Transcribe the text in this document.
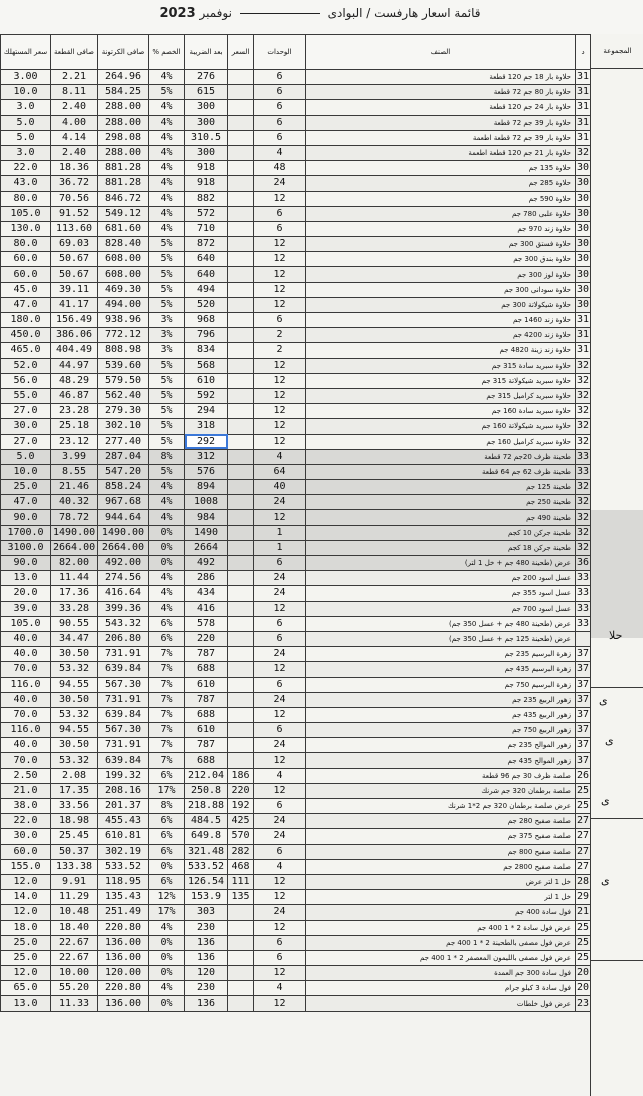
قائمة اسعار هارفست / البوادى  نوفمبر 2023
سعر المستهلك	صافى القطعة	صافى الكرتونة	الخصم %	بعد الضريبة	السعر	الوحدات	الصنف	د
3.00	2.21	264.96	4%	276		6	حلاوة بار 18 جم 120 قطعة	31
10.0	8.11	584.25	5%	615		6	حلاوة بار 80 جم 72 قطعة	31
3.0	2.40	288.00	4%	300		6	حلاوة بار 24 جم 120 قطعة	31
5.0	4.00	288.00	4%	300		6	حلاوة بار 39 جم 72 قطعة	31
5.0	4.14	298.08	4%	310.5		6	حلاوة بار 39 جم 72 قطعة اطعمة	31
3.0	2.40	288.00	4%	300		4	حلاوة بار 21 جم 120 قطعة اطعمة	32
22.0	18.36	881.28	4%	918		48	حلاوة 135 جم	30
43.0	36.72	881.28	4%	918		24	حلاوة 285 جم	30
80.0	70.56	846.72	4%	882		12	حلاوة 590 جم	30
105.0	91.52	549.12	4%	572		6	حلاوة علبى 780 جم	30
130.0	113.60	681.60	4%	710		6	حلاوة زند 970 جم	30
80.0	69.03	828.40	5%	872		12	حلاوة فستق 300 جم	30
60.0	50.67	608.00	5%	640		12	حلاوة بندق 300 جم	30
60.0	50.67	608.00	5%	640		12	حلاوة لوز 300 جم	30
45.0	39.11	469.30	5%	494		12	حلاوة سودانى 300 جم	30
47.0	41.17	494.00	5%	520		12	حلاوة شيكولاتة 300 جم	30
180.0	156.49	938.96	3%	968		6	حلاوة زند 1460 جم	31
450.0	386.06	772.12	3%	796		2	حلاوة زند 4200 جم	31
465.0	404.49	808.98	3%	834		2	حلاوة زند زينة 4820 جم	31
52.0	44.97	539.60	5%	568		12	حلاوة سبريد سادة 315 جم	32
56.0	48.29	579.50	5%	610		12	حلاوة سبريد شيكولاتة 315 جم	32
55.0	46.87	562.40	5%	592		12	حلاوة سبريد كراميل 315 جم	32
27.0	23.28	279.30	5%	294		12	حلاوة سبريد سادة 160 جم	32
30.0	25.18	302.10	5%	318		12	حلاوة سبريد شيكولاتة 160 جم	32
27.0	23.12	277.40	5%	292		12	حلاوة سبريد كراميل 160 جم	32
5.0	3.99	287.04	8%	312		4	طحينة ظرف 20جم 72 قطعة	33
10.0	8.55	547.20	5%	576		64	طحينة ظرف 62 جم 64 قطعة	33
25.0	21.46	858.24	4%	894		40	طحينة 125 جم	32
47.0	40.32	967.68	4%	1008		24	طحينة 250 جم	32
90.0	78.72	944.64	4%	984		12	طحينة 490 جم	32
1700.0	1490.00	1490.00	0%	1490		1	طحينة جركن 10 كجم	32
3100.0	2664.00	2664.00	0%	2664		1	طحينة جركن 18 كجم	32
90.0	82.00	492.00	0%	492		6	عرض (طحينة 480 جم + خل 1 لتر)	36
13.0	11.44	274.56	4%	286		24	عسل اسود 200 جم	33
20.0	17.36	416.64	4%	434		24	عسل اسود 355 جم	33
39.0	33.28	399.36	4%	416		12	عسل اسود 700 جم	33
105.0	90.55	543.32	6%	578		6	عرض (طحينة 480 جم + عسل 350 جم)	33
40.0	34.47	206.80	6%	220		6	عرض (طحينة 125 جم + عسل 350 جم)	
40.0	30.50	731.91	7%	787		24	زهرة البرسيم 235 جم	37
70.0	53.32	639.84	7%	688		12	زهرة البرسيم 435 جم	37
116.0	94.55	567.30	7%	610		6	زهرة البرسيم 750 جم	37
40.0	30.50	731.91	7%	787		24	زهور الربيع 235 جم	37
70.0	53.32	639.84	7%	688		12	زهور الربيع 435 جم	37
116.0	94.55	567.30	7%	610		6	زهور الربيع 750 جم	37
40.0	30.50	731.91	7%	787		24	زهور الموالح 235 جم	37
70.0	53.32	639.84	7%	688		12	زهور الموالح 435 جم	37
2.50	2.08	199.32	6%	212.04	186	4	صلصة ظرف 30 جم 96 قطعة	26
21.0	17.35	208.16	17%	250.8	220	12	صلصة برطمان 320 جم شرنك	25
38.0	33.56	201.37	8%	218.88	192	6	عرض صلصة برطمان 320 جم 2*1 شرنك	25
22.0	18.98	455.43	6%	484.5	425	24	صلصة صفيح 280 جم	27
30.0	25.45	610.81	6%	649.8	570	24	صلصة صفيح 375 جم	27
60.0	50.37	302.19	6%	321.48	282	6	صلصة صفيح 800 جم	27
155.0	133.38	533.52	0%	533.52	468	4	صلصة صفيح 2800 جم	27
12.0	9.91	118.95	6%	126.54	111	12	خل 1 لتر عرض	28
14.0	11.29	135.43	12%	153.9	135	12	خل 1 لتر	29
12.0	10.48	251.49	17%	303		24	فول سادة 400 جم	21
18.0	18.40	220.80	4%	230		12	عرض فول سادة 2 * 1 400 جم	25
25.0	22.67	136.00	0%	136		6	عرض فول مصفى بالطحينة 2 * 1 400 جم	25
25.0	22.67	136.00	0%	136		6	عرض فول مصفى بالليمون المعصفر 2 * 1 400 جم	25
12.0	10.00	120.00	0%	120		12	فول سادة 300 جم العمدة	20
65.0	55.20	220.80	4%	230		4	فول سادة 3 كيلو جرام	20
13.0	11.33	136.00	0%	136		12	عرض فول خلطات	23
المجموعة
حلا
ى
ى
ى
ى
